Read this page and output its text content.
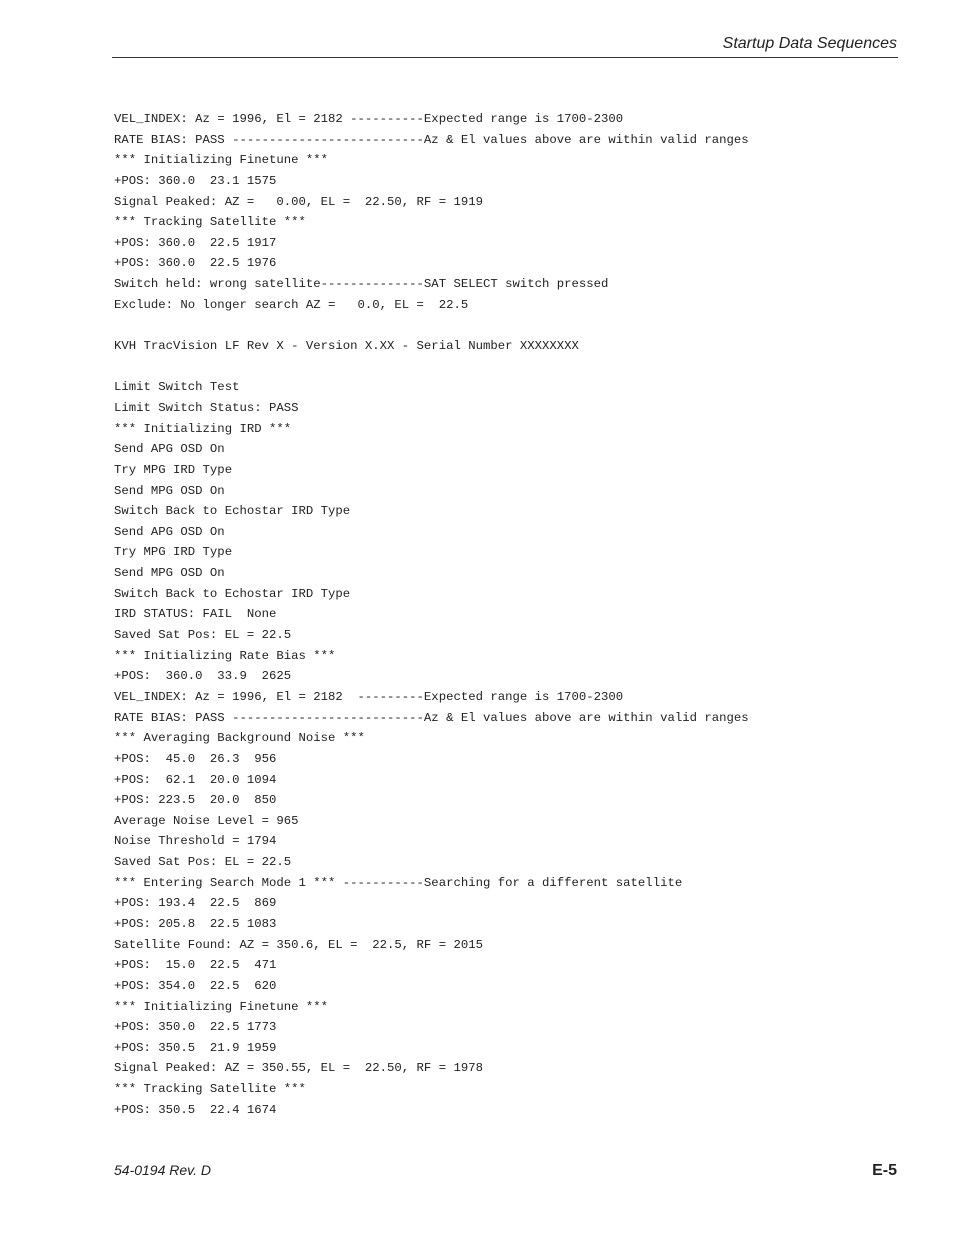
Startup Data Sequences
VEL_INDEX: Az = 1996, El = 2182 ----------Expected range is 1700-2300
RATE BIAS: PASS --------------------------Az & El values above are within valid ranges
*** Initializing Finetune ***
+POS: 360.0  23.1 1575
Signal Peaked: AZ =   0.00, EL =  22.50, RF = 1919
*** Tracking Satellite ***
+POS: 360.0  22.5 1917
+POS: 360.0  22.5 1976
Switch held: wrong satellite--------------SAT SELECT switch pressed
Exclude: No longer search AZ =   0.0, EL =  22.5
KVH TracVision LF Rev X - Version X.XX - Serial Number XXXXXXXX
Limit Switch Test
Limit Switch Status: PASS
*** Initializing IRD ***
Send APG OSD On
Try MPG IRD Type
Send MPG OSD On
Switch Back to Echostar IRD Type
Send APG OSD On
Try MPG IRD Type
Send MPG OSD On
Switch Back to Echostar IRD Type
IRD STATUS: FAIL  None
Saved Sat Pos: EL = 22.5
*** Initializing Rate Bias ***
+POS:  360.0  33.9  2625
VEL_INDEX: Az = 1996, El = 2182  ---------Expected range is 1700-2300
RATE BIAS: PASS --------------------------Az & El values above are within valid ranges
*** Averaging Background Noise ***
+POS:  45.0  26.3  956
+POS:  62.1  20.0 1094
+POS: 223.5  20.0  850
Average Noise Level = 965
Noise Threshold = 1794
Saved Sat Pos: EL = 22.5
*** Entering Search Mode 1 *** -----------Searching for a different satellite
+POS: 193.4  22.5  869
+POS: 205.8  22.5 1083
Satellite Found: AZ = 350.6, EL =  22.5, RF = 2015
+POS:  15.0  22.5  471
+POS: 354.0  22.5  620
*** Initializing Finetune ***
+POS: 350.0  22.5 1773
+POS: 350.5  21.9 1959
Signal Peaked: AZ = 350.55, EL =  22.50, RF = 1978
*** Tracking Satellite ***
+POS: 350.5  22.4 1674
54-0194 Rev. D	E-5
